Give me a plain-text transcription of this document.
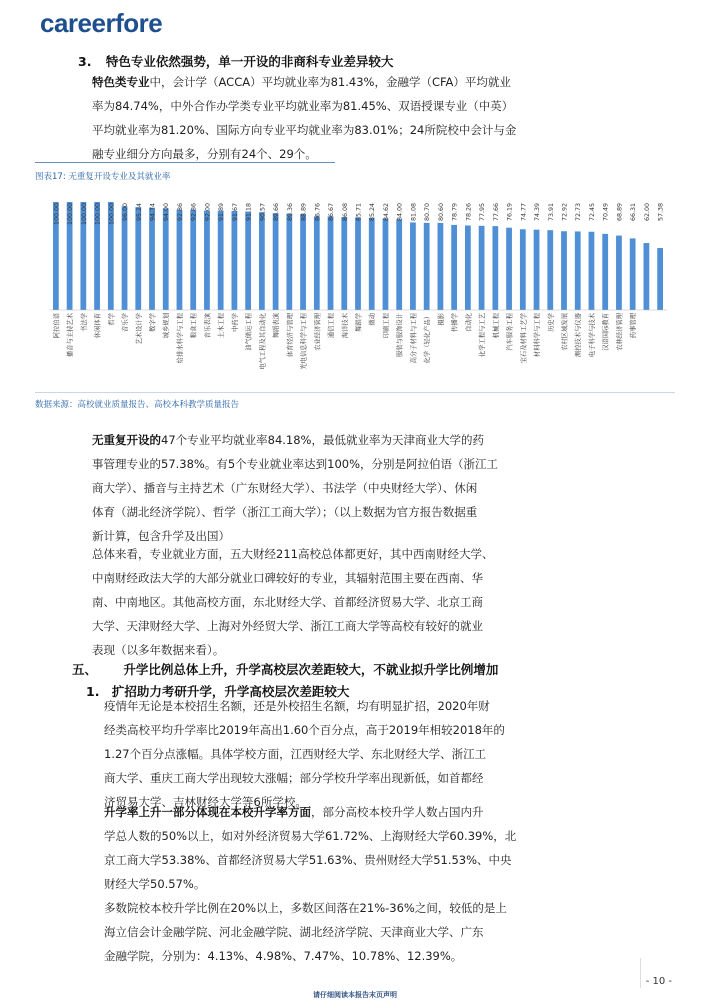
careerfore
3. 特色专业依然强势，单一开设的非商科专业差异较大
特色类专业中，会计学（ACCA）平均就业率为81.43%，金融学（CFA）平均就业
率为84.74%，中外合作办学类专业平均就业率为81.45%、双语授课专业（中英）
平均就业率为81.20%、国际方向专业平均就业率为83.01%；24所院校中会计与金
融专业细分方向最多，分别有24个、29个。
图表17: 无重复开设专业及其就业率
100.00
阿拉伯语
100.00
播音与主持艺术
100.00
书法学
100.00
休闲体育
100.00
哲学
96.00
音乐学
95.24
艺术设计学
94.74
数字学
94.00
城乡规划
92.86
给排水科学与工程
92.86
粮食工程
92.00
音乐表演
91.89
土木工程
91.67
中药学
91.18
油气储运工程
90.57
电气工程及其自动化
89.66
舞蹈表演
89.36
体育经济与管理
88.89
光电信息科学与工程
86.76
农业经济管理
86.67
通信工程
86.08
海洋技术
85.71
舞蹈学
85.24
微动
84.62
印刷工程
84.00
服装与服饰设计
81.08
高分子材料与工程
80.70
化学（轻化产品）
80.60
摄影
78.79
传播学
78.26
自动化
77.95
化学工程与工艺
77.66
机械工程
76.19
汽车服务工程
74.77
宝石及材料工艺学
74.39
材料科学与工程
73.91
历史学
72.92
农村区域发展
72.73
测控技术与仪器
72.45
电子科学与技术
70.49
汉语国际教育
68.89
农林经济管理
66.31
药事管理
62.00 57.38
数据来源：高校就业质量报告、高校本科教学质量报告
无重复开设的47个专业平均就业率84.18%，最低就业率为天津商业大学的药
事管理专业的57.38%。有5个专业就业率达到100%，分别是阿拉伯语（浙江工
商大学）、播音与主持艺术（广东财经大学）、书法学（中央财经大学）、休闲
体育（湖北经济学院）、哲学（浙江工商大学）；（以上数据为官方报告数据重
新计算，包含升学及出国）
总体来看，专业就业方面，五大财经211高校总体都更好，其中西南财经大学、
中南财经政法大学的大部分就业口碑较好的专业，其辐射范围主要在西南、华
南、中南地区。其他高校方面，东北财经大学、首都经济贸易大学、北京工商
大学、天津财经大学、上海对外经贸大学、浙江工商大学等高校有较好的就业
表现（以多年数据来看）。
五、 升学比例总体上升，升学高校层次差距较大，不就业拟升学比例增加
1. 扩招助力考研升学，升学高校层次差距较大
疫情年无论是本校招生名额，还是外校招生名额，均有明显扩招，2020年财
经类高校平均升学率比2019年高出1.60个百分点，高于2019年相较2018年的
1.27个百分点涨幅。具体学校方面，江西财经大学、东北财经大学、浙江工
商大学、重庆工商大学出现较大涨幅；部分学校升学率出现新低，如首都经
济贸易大学、吉林财经大学等6所学校。
升学率上升一部分体现在本校升学率方面，部分高校本校升学人数占国内升
学总人数的50%以上，如对外经济贸易大学61.72%、上海财经大学60.39%，北
京工商大学53.38%、首都经济贸易大学51.63%、贵州财经大学51.53%、中央
财经大学50.57%。
多数院校本校升学比例在20%以上，多数区间落在21%-36%之间，较低的是上
海立信会计金融学院、河北金融学院、湖北经济学院、天津商业大学、广东
金融学院，分别为：4.13%、4.98%、7.47%、10.78%、12.39%。
- 10 -
请仔细阅读本报告末页声明
